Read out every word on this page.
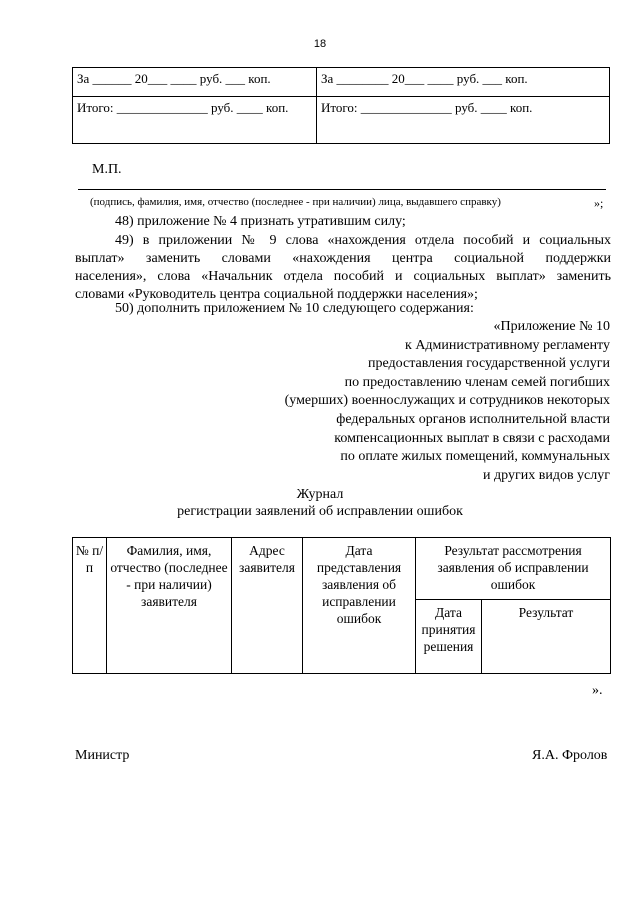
18
За ______ 20___ ____ руб. ___ коп.	За ________ 20___ ____ руб. ___ коп.
Итого: ______________ руб. ____ коп.	Итого: ______________ руб. ____ коп.
М.П.
(подпись, фамилия, имя, отчество (последнее - при наличии) лица, выдавшего справку)	»;
48) приложение № 4 признать утратившим силу;
49) в приложении № 9 слова «нахождения отдела пособий и социальных
выплат» заменить словами «нахождения центра социальной поддержки
населения», слова «Начальник отдела пособий и социальных выплат» заменить
словами «Руководитель центра социальной поддержки населения»;
50) дополнить приложением № 10 следующего содержания:
«Приложение № 10
к Административному регламенту
предоставления государственной услуги
по предоставлению членам семей погибших
(умерших) военнослужащих и сотрудников некоторых
федеральных органов исполнительной власти
компенсационных выплат в связи с расходами
по оплате жилых помещений, коммунальных
и других видов услуг
Журнал
регистрации заявлений об исправлении ошибок
№ п/п	Фамилия, имя, отчество (последнее - при наличии) заявителя	Адрес заявителя	Дата представления заявления об исправлении ошибок	Результат рассмотрения заявления об исправлении ошибок	
				Дата принятия решения	Результат
».
Министр	Я.А. Фролов
